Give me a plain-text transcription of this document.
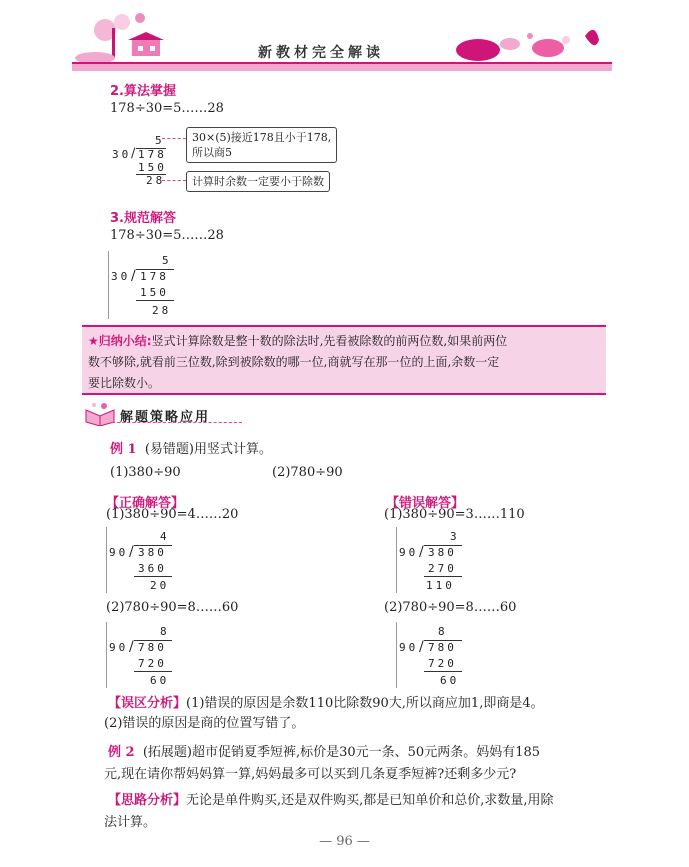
新教材完全解读
2.算法掌握
178÷30=5……28
5
30 / 178
150
28
30×(5)接近178且小于178,
所以商5
计算时余数一定要小于除数
3.规范解答
178÷30=5……28
5
30 / 178
150
28
★归纳小结:竖式计算除数是整十数的除法时,先看被除数的前两位数,如果前两位
数不够除,就看前三位数,除到被除数的哪一位,商就写在那一位的上面,余数一定
要比除数小。
解题策略应用
例 1 (易错题)用竖式计算。
(1)380÷90	(2)780÷90
【正确解答】
(1)380÷90=4……20
4
90 / 380
360
20
(2)780÷90=8……60
8
90 / 780
720
60
【错误解答】
(1)380÷90=3……110
3
90 / 380
270
110
(2)780÷90=8……60
8
90 / 780
720
60
【误区分析】(1)错误的原因是余数110比除数90大,所以商应加1,即商是4。
(2)错误的原因是商的位置写错了。
例 2 (拓展题)超市促销夏季短裤,标价是30元一条、50元两条。妈妈有185
元,现在请你帮妈妈算一算,妈妈最多可以买到几条夏季短裤?还剩多少元?
【思路分析】无论是单件购买,还是双件购买,都是已知单价和总价,求数量,用除
法计算。
— 96 —
